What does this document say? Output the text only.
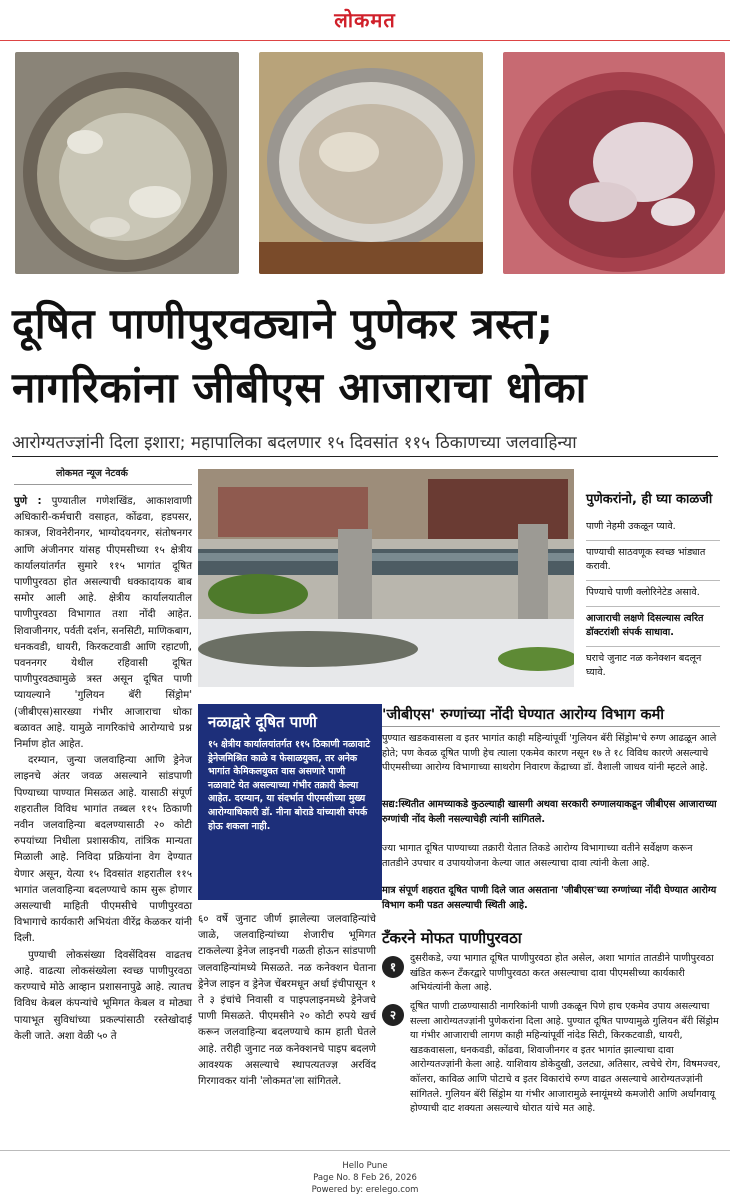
लोकमत
दूषित पाणीपुरवठ्याने पुणेकर त्रस्त;
नागरिकांना जीबीएस आजाराचा धोका
आरोग्यतज्ज्ञांनी दिला इशारा; महापालिका बदलणार १५ दिवसांत ११५ ठिकाणच्या जलवाहिन्या
लोकमत न्यूज नेटवर्क

पुणे : पुण्यातील गणेशखिंड, आकाशवाणी अधिकारी-कर्मचारी वसाहत, कोंढवा, हडपसर, कात्रज, शिवनेरीनगर, भाग्योदयनगर, संतोषनगर आणि अंजीनगर यांसह पीएमसीच्या १५ क्षेत्रीय कार्यालयांतर्गत सुमारे ११५ भागांत दूषित पाणीपुरवठा होत असल्याची धक्कादायक बाब समोर आली आहे. क्षेत्रीय कार्यालयातील पाणीपुरवठा विभागात तशा नोंदी आहेत. शिवाजीनगर, पर्वती दर्शन, सनसिटी, माणिकबाग, धनकवडी, धायरी, किरकटवाडी आणि रहाटणी, पवननगर येथील रहिवासी दूषित पाणीपुरवठ्यामुळे त्रस्त असून दूषित पाणी प्यायल्याने 'गुलियन बॅरी सिंड्रोम' (जीबीएस)सारख्या गंभीर आजाराचा धोका बळावत आहे. यामुळे नागरिकांचे आरोग्याचे प्रश्न निर्माण होत आहेत.

दरम्यान, जुन्या जलवाहिन्या आणि ड्रेनेज लाइनचे अंतर जवळ असल्याने सांडपाणी पिण्याच्या पाण्यात मिसळत आहे. यासाठी संपूर्ण शहरातील विविध भागांत तब्बल ११५ ठिकाणी नवीन जलवाहिन्या बदलण्यासाठी २० कोटी रुपयांच्या निधीला प्रशासकीय, तांत्रिक मान्यता मिळाली आहे. निविदा प्रक्रियांना वेग देण्यात येणार असून, येत्या १५ दिवसांत शहरातील ११५ भागांत जलवाहिन्या बदलण्याचे काम सुरू होणार असल्याची माहिती पीएमसीचे पाणीपुरवठा विभागाचे कार्यकारी अभियंता वीरेंद्र केळकर यांनी दिली.

पुण्याची लोकसंख्या दिवसेंदिवस वाढतच आहे. वाढत्या लोकसंख्येला स्वच्छ पाणीपुरवठा करण्याचे मोठे आव्हान प्रशासनापुढे आहे. त्यातच विविध केबल कंपन्यांचे भूमिगत केबल व मोठ्या पायाभूत सुविधांच्या प्रकल्पांसाठी रस्तेखोदाई केली जाते. अशा वेळी ५० ते

पुणेकरांनो, ही घ्या काळजी
पाणी नेहमी उकळून प्यावे.
पाण्याची साठवणूक स्वच्छ भांड्यात करावी.
पिण्याचे पाणी क्लोरिनेटेड असावे.
आजाराची लक्षणे दिसल्यास त्वरित डॉक्टरांशी संपर्क साधावा.
घराचे जुनाट नळ कनेक्शन बदलून घ्यावे.
नळाद्वारे दूषित पाणी
१५ क्षेत्रीय कार्यालयांतर्गत ११५ ठिकाणी नळावाटे ड्रेनेजमिश्रित काळे व फेसाळयुक्त, तर अनेक भागांत केमिकलयुक्त वास असणारे पाणी नळावाटे येत असल्याच्या गंभीर तक्रारी केल्या आहेत. दरम्यान, या संदर्भात पीएमसीच्या मुख्य आरोग्याधिकारी डॉ. नीना बोराडे यांच्याशी संपर्क होऊ शकला नाही.
६० वर्षे जुनाट जीर्ण झालेल्या जलवाहिन्यांचे जाळे, जलवाहिन्यांच्या शेजारीच भूमिगत टाकलेल्या ड्रेनेज लाइनची गळती होऊन सांडपाणी जलवाहिन्यांमध्ये मिसळते. नळ कनेक्शन घेताना ड्रेनेज लाइन व ड्रेनेज चेंबरमधून अर्धा इंचीपासून १ ते ३ इंचांचे निवासी व पाइपलाइनमध्ये ड्रेनेजचे पाणी मिसळते. पीएमसीने २० कोटी रुपये खर्च करून जलवाहिन्या बदलण्याचे काम हाती घेतले आहे. तरीही जुनाट नळ कनेक्शनचे पाइप बदलणे आवश्यक असल्याचे स्थापत्यतज्ज्ञ अरविंद गिरगावकर यांनी 'लोकमत'ला सांगितले.
'जीबीएस' रुग्णांच्या नोंदी घेण्यात आरोग्य विभाग कमी
पुण्यात खडकवासला व इतर भागांत काही महिन्यांपूर्वी 'गुलियन बॅरी सिंड्रोम'चे रुग्ण आढळून आले होते; पण केवळ दूषित पाणी हेच त्याला एकमेव कारण नसून १७ ते १८ विविध कारणे असल्याचे पीएमसीच्या आरोग्य विभागाच्या साथरोग निवारण केंद्राच्या डॉ. वैशाली जाधव यांनी म्हटले आहे.
सद्य:स्थितीत आमच्याकडे कुठल्याही खासगी अथवा सरकारी रुग्णालयाकडून जीबीएस आजाराच्या रुग्णांची नोंद केली नसल्याचेही त्यांनी सांगितले.
ज्या भागात दूषित पाण्याच्या तक्रारी येतात तिकडे आरोग्य विभागाच्या वतीने सर्वेक्षण करून तातडीने उपचार व उपाययोजना केल्या जात असल्याचा दावा त्यांनी केला आहे.
मात्र संपूर्ण शहरात दूषित पाणी दिले जात असताना 'जीबीएस'च्या रुग्णांच्या नोंदी घेण्यात आरोग्य विभाग कमी पडत असल्याची स्थिती आहे.
टँकरने मोफत पाणीपुरवठा
१
दुसरीकडे, ज्या भागात दूषित पाणीपुरवठा होत असेल, अशा भागांत तातडीने पाणीपुरवठा खंडित करून टँकरद्वारे पाणीपुरवठा करत असल्याचा दावा पीएमसीच्या कार्यकारी अभियंत्यांनी केला आहे.
२
दूषित पाणी टाळण्यासाठी नागरिकांनी पाणी उकळून पिणे हाच एकमेव उपाय असल्याचा सल्ला आरोग्यतज्ज्ञांनी पुणेकरांना दिला आहे. पुण्यात दूषित पाण्यामुळे गुलियन बॅरी सिंड्रोम या गंभीर आजाराची लागण काही महिन्यांपूर्वी नांदेड सिटी, किरकटवाडी, धायरी, खडकवासला, धनकवडी, कोंढवा, शिवाजीनगर व इतर भागांत झाल्याचा दावा आरोग्यतज्ज्ञांनी केला आहे. याशिवाय डोकेदुखी, उलट्या, अतिसार, त्वचेचे रोग, विषमज्वर, कॉलरा, काविळ आणि पोटाचे व इतर विकारांचे रुग्ण वाढत असल्याचे आरोग्यतज्ज्ञांनी सांगितले. गुलियन बॅरी सिंड्रोम या गंभीर आजारामुळे स्नायूंमध्ये कमजोरी आणि अर्धांगवायू होण्याची दाट शक्यता असल्याचे धोरात यांचे मत आहे.
Hello Pune
Page No. 8 Feb 26, 2026
Powered by: erelego.com
